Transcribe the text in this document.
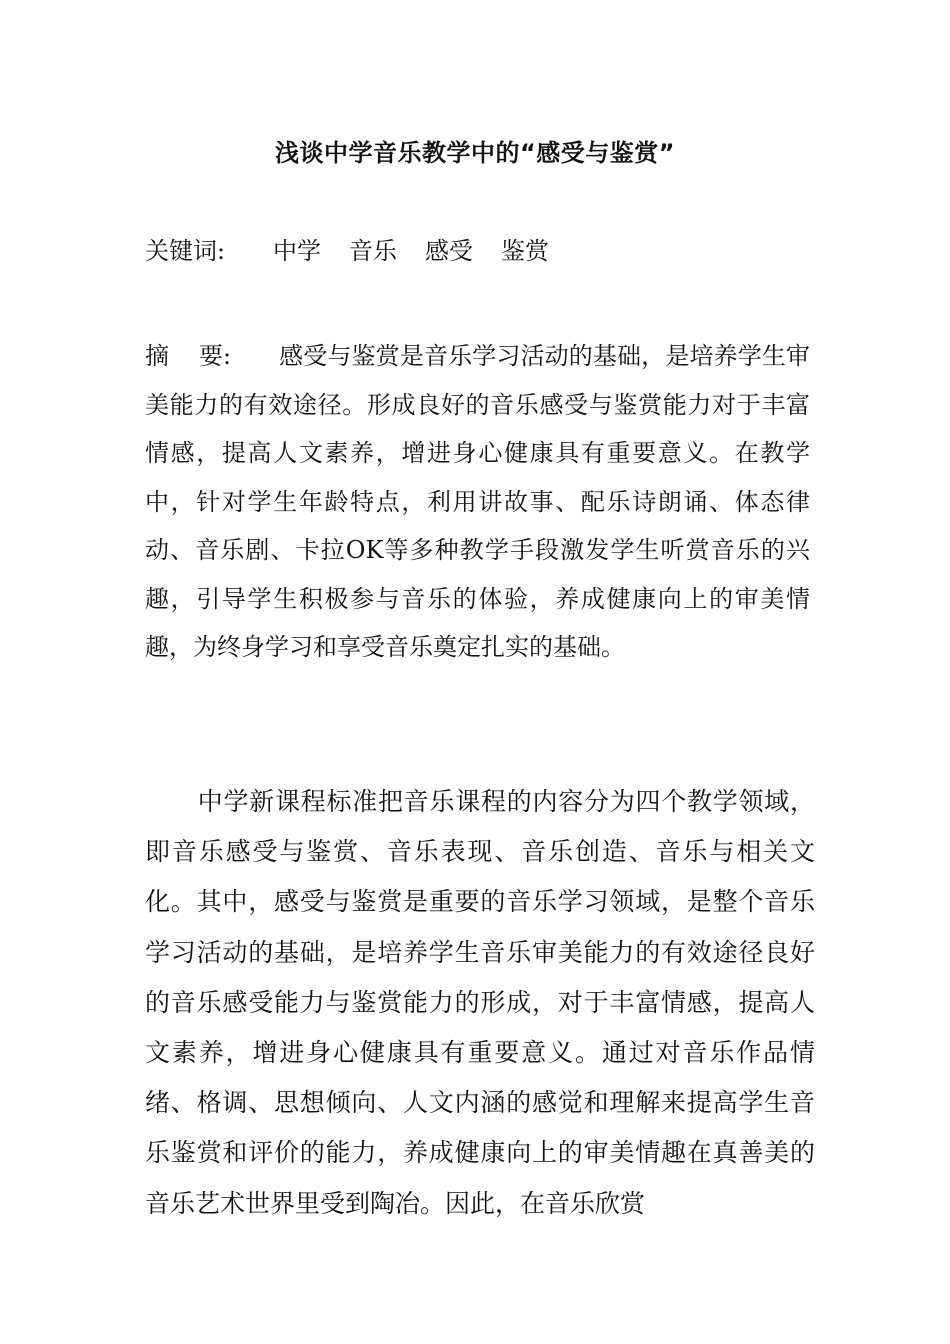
浅谈中学音乐教学中的“感受与鉴赏”
关键词: 中学 音乐 感受 鉴赏
摘 要: 感受与鉴赏是音乐学习活动的基础，是培养学生审美能力的有效途径。形成良好的音乐感受与鉴赏能力对于丰富情感，提高人文素养，增进身心健康具有重要意义。在教学中，针对学生年龄特点，利用讲故事、配乐诗朗诵、体态律动、音乐剧、卡拉OK等多种教学手段激发学生听赏音乐的兴趣，引导学生积极参与音乐的体验，养成健康向上的审美情趣，为终身学习和享受音乐奠定扎实的基础。
中学新课程标准把音乐课程的内容分为四个教学领域，即音乐感受与鉴赏、音乐表现、音乐创造、音乐与相关文化。其中，感受与鉴赏是重要的音乐学习领域，是整个音乐学习活动的基础，是培养学生音乐审美能力的有效途径良好的音乐感受能力与鉴赏能力的形成，对于丰富情感，提高人文素养，增进身心健康具有重要意义。通过对音乐作品情绪、格调、思想倾向、人文内涵的感觉和理解来提高学生音乐鉴赏和评价的能力，养成健康向上的审美情趣在真善美的音乐艺术世界里受到陶冶。因此，在音乐欣赏
